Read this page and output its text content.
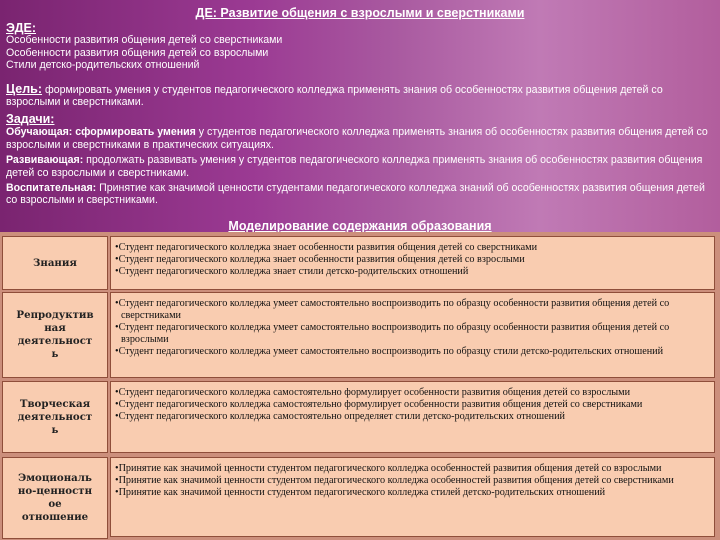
ДЕ: Развитие общения с взрослыми и сверстниками
ЭДЕ:
Особенности развития общения детей со сверстниками
Особенности развития общения детей со взрослыми
Стили детско-родительских отношений
Цель: формировать умения у студентов педагогического колледжа применять знания об особенностях развития общения детей со взрослыми и сверстниками.
Задачи:
Обучающая: сформировать умения у студентов педагогического колледжа применять знания об особенностях развития общения детей со взрослыми и сверстниками в практических ситуациях.
Развивающая: продолжать развивать умения у студентов педагогического колледжа применять знания об особенностях развития общения детей со взрослыми и сверстниками.
Воспитательная: Принятие как значимой ценности студентами педагогического колледжа знаний об особенностях развития общения детей со взрослыми и сверстниками.
Моделирование содержания образования
Знания
• Студент педагогического колледжа знает особенности развития общения детей со сверстниками
• Студент педагогического колледжа знает особенности развития общения детей со взрослыми
• Студент педагогического колледжа знает стили детско-родительских отношений
Репродуктив
ная
деятельност
ь
• Студент педагогического колледжа умеет самостоятельно воспроизводить по образцу особенности развития общения детей со сверстниками
• Студент педагогического колледжа умеет самостоятельно воспроизводить по образцу особенности развития общения детей со взрослыми
• Студент педагогического колледжа умеет самостоятельно воспроизводить по образцу стили детско-родительских отношений
Творческая
деятельност
ь
• Студент педагогического колледжа самостоятельно формулирует особенности развития общения детей со взрослыми
• Студент педагогического колледжа самостоятельно формулирует особенности развития общения детей со сверстниками
• Студент педагогического колледжа самостоятельно определяет стили детско-родительских отношений
Эмоциональ
но-ценностн
ое
отношение
• Принятие как значимой ценности студентом педагогического колледжа особенностей развития общения детей со взрослыми
• Принятие как значимой ценности студентом педагогического колледжа особенностей развития общения детей со сверстниками
• Принятие как значимой ценности студентом педагогического колледжа стилей детско-родительских отношений
